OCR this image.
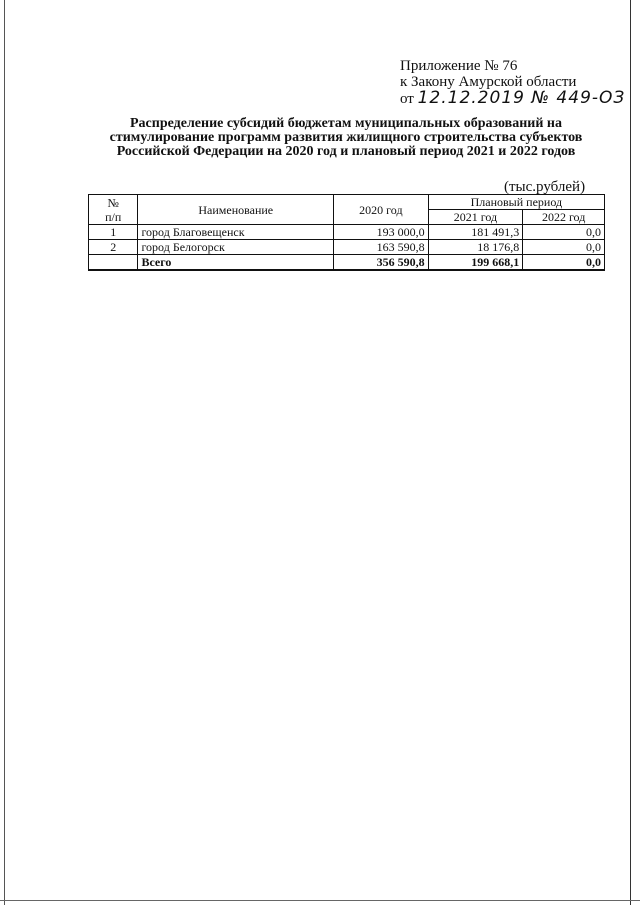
Приложение № 76
к Закону Амурской области
от 12.12.2019 № 449-ОЗ
Распределение субсидий бюджетам муниципальных образований на стимулирование программ развития жилищного строительства субъектов Российской Федерации на 2020 год и плановый период 2021 и 2022 годов
(тыс.рублей)
№
п/п	Наименование	2020 год	Плановый период	
			2021 год	2022 год
1	город Благовещенск	193 000,0	181 491,3	0,0
2	город Белогорск	163 590,8	18 176,8	0,0
	Всего	356 590,8	199 668,1	0,0
